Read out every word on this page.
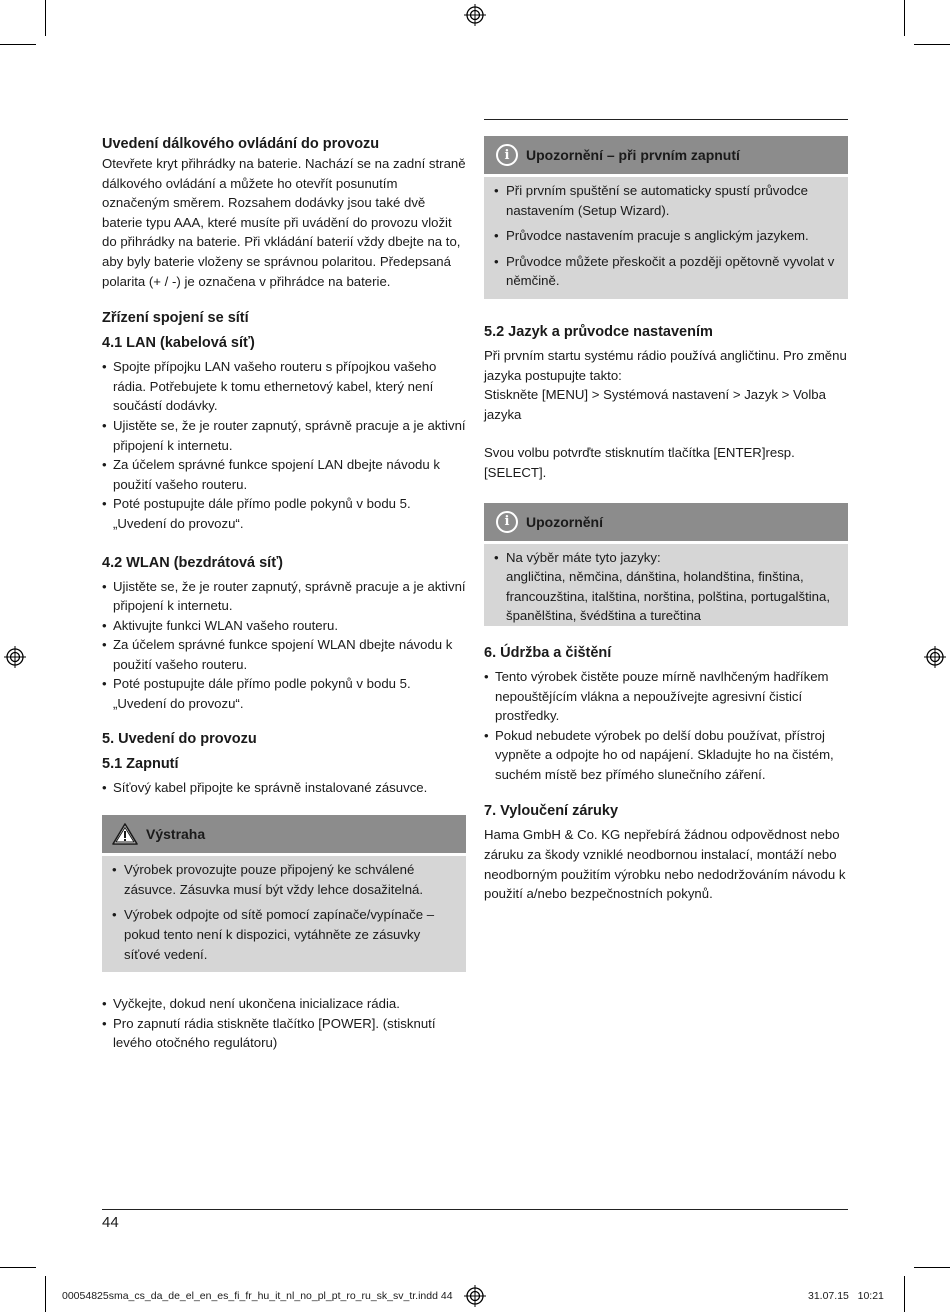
Uvedení dálkového ovládání do provozu

Otevřete kryt přihrádky na baterie. Nachází se na zadní straně dálkového ovládání a můžete ho otevřít posunutím označeným směrem. Rozsahem dodávky jsou také dvě baterie typu AAA, které musíte při uvádění do provozu vložit do přihrádky na baterie. Při vkládání baterií vždy dbejte na to, aby byly baterie vloženy se správnou polaritou. Předepsaná polarita (+ / -) je označena v přihrádce na baterie.

Zřízení spojení se sítí
4.1 LAN (kabelová síť)
• Spojte přípojku LAN vašeho routeru s přípojkou vašeho rádia. Potřebujete k tomu ethernetový kabel, který není součástí dodávky.
• Ujistěte se, že je router zapnutý, správně pracuje a je aktivní připojení k internetu.
• Za účelem správné funkce spojení LAN dbejte návodu k použití vašeho routeru.
• Poté postupujte dále přímo podle pokynů v bodu 5. „Uvedení do provozu“.
4.2 WLAN (bezdrátová síť)
• Ujistěte se, že je router zapnutý, správně pracuje a je aktivní připojení k internetu.
• Aktivujte funkci WLAN vašeho routeru.
• Za účelem správné funkce spojení WLAN dbejte návodu k použití vašeho routeru.
• Poté postupujte dále přímo podle pokynů v bodu 5. „Uvedení do provozu“.
5. Uvedení do provozu
5.1 Zapnutí
• Síťový kabel připojte ke správně instalované zásuvce.
Výstraha
• Výrobek provozujte pouze připojený ke schválené zásuvce. Zásuvka musí být vždy lehce dosažitelná.
• Výrobek odpojte od sítě pomocí zapínače/vypínače – pokud tento není k dispozici, vytáhněte ze zásuvky síťové vedení.
• Vyčkejte, dokud není ukončena inicializace rádia.
• Pro zapnutí rádia stiskněte tlačítko [POWER]. (stisknutí levého otočného regulátoru)
i	Upozornění – při prvním zapnutí
• Při prvním spuštění se automaticky spustí průvodce nastavením (Setup Wizard).
• Průvodce nastavením pracuje s anglickým jazykem.
• Průvodce můžete přeskočit a později opětovně vyvolat v němčině.
5.2 Jazyk a průvodce nastavením

Při prvním startu systému rádio používá angličtinu. Pro změnu jazyka postupujte takto:

Stiskněte [MENU] > Systémová nastavení > Jazyk > Volba jazyka

Svou volbu potvrďte stisknutím tlačítka [ENTER]resp. [SELECT].

i	Upozornění
• Na výběr máte tyto jazyky:
angličtina, němčina, dánština, holandština, finština, francouzština, italština, norština, polština, portugalština, španělština, švédština a turečtina
6. Údržba a čištění
• Tento výrobek čistěte pouze mírně navlhčeným hadříkem nepouštějícím vlákna a nepoužívejte agresivní čisticí prostředky.
• Pokud nebudete výrobek po delší dobu používat, přístroj vypněte a odpojte ho od napájení. Skladujte ho na čistém, suchém místě bez přímého slunečního záření.
7. Vyloučení záruky

Hama GmbH & Co. KG nepřebírá žádnou odpovědnost nebo záruku za škody vzniklé neodbornou instalací, montáží nebo neodborným použitím výrobku nebo nedodržováním návodu k použití a/nebo bezpečnostních pokynů.

44
00054825sma_cs_da_de_el_en_es_fi_fr_hu_it_nl_no_pl_pt_ro_ru_sk_sv_tr.indd 44	31.07.15   10:21
